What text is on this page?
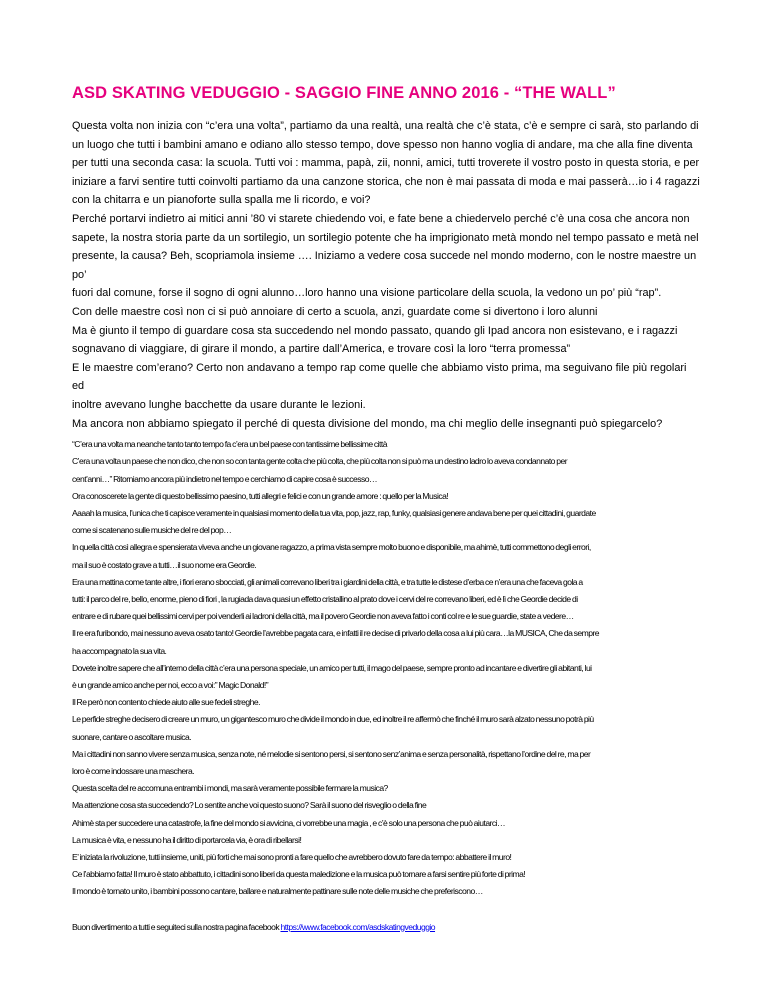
ASD SKATING VEDUGGIO - SAGGIO FINE ANNO 2016 - “THE WALL”

Questa volta non inizia con “c’era una volta”, partiamo da una realtà, una realtà che c’è stata, c’è e sempre ci sarà, sto parlando di

un luogo che tutti i bambini amano e odiano allo stesso tempo, dove spesso non hanno voglia di andare, ma che alla fine diventa

per tutti una seconda casa: la scuola. Tutti voi : mamma, papà, zii, nonni, amici, tutti troverete il vostro posto in questa storia, e per

iniziare a farvi sentire tutti coinvolti partiamo da una canzone storica, che non è mai passata di moda e mai passerà…io i 4 ragazzi

con la chitarra e un pianoforte sulla spalla me li ricordo, e voi?

Perché portarvi indietro ai mitici anni ’80 vi starete chiedendo voi, e fate bene a chiedervelo perché c’è una cosa che ancora non

sapete, la nostra storia parte da un sortilegio, un sortilegio potente che ha imprigionato metà mondo nel tempo passato e metà nel

presente, la causa? Beh, scopriamola insieme …. Iniziamo a vedere cosa succede nel mondo moderno, con le nostre maestre un po’

fuori dal comune, forse il sogno di ogni alunno…loro hanno una visione particolare della scuola, la vedono un po’ più “rap”.

Con delle maestre così non ci si può annoiare di certo a scuola, anzi, guardate come si divertono i loro alunni

Ma è giunto il tempo di guardare cosa sta succedendo nel mondo passato, quando gli Ipad ancora non esistevano, e i ragazzi

sognavano di viaggiare, di girare il mondo, a partire dall’America, e trovare così la loro “terra promessa”

E le maestre com’erano? Certo non andavano a tempo rap come quelle che abbiamo visto prima, ma seguivano file più regolari ed

inoltre avevano lunghe bacchette da usare durante le lezioni.

Ma ancora non abbiamo spiegato il perché di questa divisione del mondo, ma chi meglio delle insegnanti può spiegarcelo?

“C’era una volta ma neanche tanto tanto tempo fa c’era un bel paese con tantissime bellissime città

C’era una volta un paese che non dico, che non so con tanta gente colta che più colta, che più colta non si può ma un destino ladro lo aveva condannato per

cent’anni…” Ritorniamo ancora più indietro nel tempo e cerchiamo di capire cosa è successo…

Ora conoscerete la gente di questo bellissimo paesino, tutti allegri e felici e con un grande amore : quello per la Musica!

Aaaah la musica, l’unica che ti capisce veramente in qualsiasi momento della tua vita, pop, jazz, rap, funky, qualsiasi genere andava bene per quei cittadini, guardate

come si scatenano sulle musiche del re del pop…

In quella città così allegra e spensierata viveva anche un giovane ragazzo, a prima vista sempre molto buono e disponibile, ma ahimè, tutti commettono degli errori,

ma il suo è costato grave a tutti…il suo nome era Geordie.

Era una mattina come tante altre, i fiori erano sbocciati, gli animali correvano liberi tra i giardini della città, e tra tutte le distese d’erba ce n’era una che faceva gola a

tutti: il parco del re, bello, enorme, pieno di fiori , la rugiada dava quasi un effetto cristallino al prato dove i cervi del re correvano liberi, ed è lì che Geordie decide di

entrare e di rubare quei bellissimi cervi per poi venderli ai ladroni della città, ma il povero Geordie non aveva fatto i conti col re e le sue guardie, state a vedere…

Il re era furibondo, mai nessuno aveva osato tanto! Geordie l’avrebbe pagata cara, e infatti il re decise di privarlo della cosa a lui più cara…la MUSICA, Che da sempre

ha accompagnato la sua vita.

Dovete inoltre sapere che all’interno della città c’era una persona speciale, un amico per tutti, il mago del paese, sempre pronto ad incantare e divertire gli abitanti, lui

è un grande amico anche per noi, ecco a voi:” Magic Donald!”

Il Re però non contento chiede aiuto alle sue fedeli streghe.

Le perfide streghe decisero di creare un muro, un gigantesco muro che divide il mondo in due, ed inoltre il re affermò che finché il muro sarà alzato nessuno potrà più

suonare, cantare o ascoltare musica.

Ma i cittadini non sanno vivere senza musica, senza note, né melodie si sentono persi, si sentono senz’anima e senza personalità, rispettano l’ordine del re, ma per

loro è come indossare una maschera.

Questa scelta del re accomuna entrambi i mondi, ma sarà veramente possibile fermare la musica?

Ma attenzione cosa sta succedendo? Lo sentite anche voi questo suono? Sarà il suono del risveglio o della fine

Ahimè sta per succedere una catastrofe, la fine del mondo si avvicina, ci vorrebbe una magia , e c’è solo una persona che può aiutarci…

La musica è vita, e nessuno ha il diritto di portarcela via, è ora di ribellarsi!

E’ iniziata la rivoluzione, tutti insieme, uniti, più forti che mai sono pronti a fare quello che avrebbero dovuto fare da tempo: abbattere il muro!

Ce l’abbiamo fatta! Il muro è stato abbattuto, i cittadini sono liberi da questa maledizione e la musica può tornare a farsi sentire più forte di prima!

Il mondo è tornato unito, i bambini possono cantare, ballare e naturalmente pattinare sulle note delle musiche che preferiscono…

Buon divertimento a tutti e seguiteci sulla nostra pagina facebook https://www.facebook.com/asdskatingveduggio
